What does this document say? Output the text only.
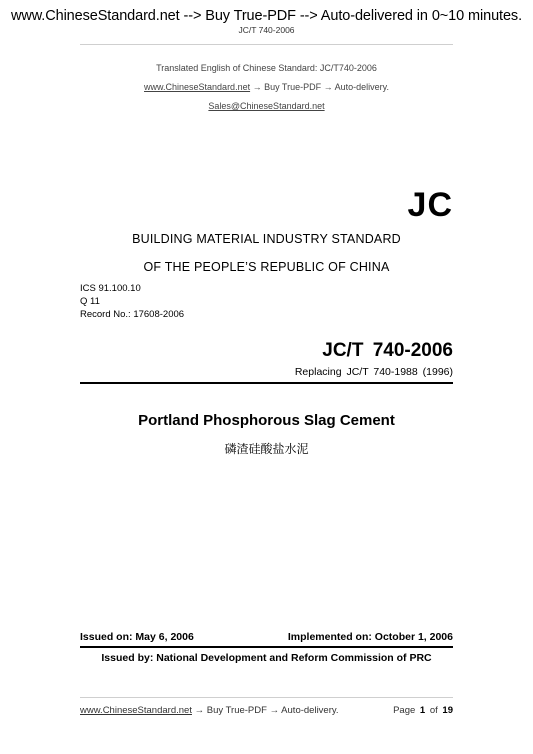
www.ChineseStandard.net --> Buy True-PDF --> Auto-delivered in 0~10 minutes.
JC/T 740-2006
Translated English of Chinese Standard: JC/T740-2006
www.ChineseStandard.net → Buy True-PDF → Auto-delivery.
Sales@ChineseStandard.net
JC
BUILDING MATERIAL INDUSTRY STANDARD
OF THE PEOPLE’S REPUBLIC OF CHINA
ICS 91.100.10
Q 11
Record No.: 17608-2006
JC/T 740-2006
Replacing JC/T 740-1988 (1996)
Portland Phosphorous Slag Cement
磷渣硅酸盐水泥
Issued on: May 6, 2006	Implemented on: October 1, 2006
Issued by: National Development and Reform Commission of PRC
www.ChineseStandard.net → Buy True-PDF → Auto-delivery.	Page 1 of 19
